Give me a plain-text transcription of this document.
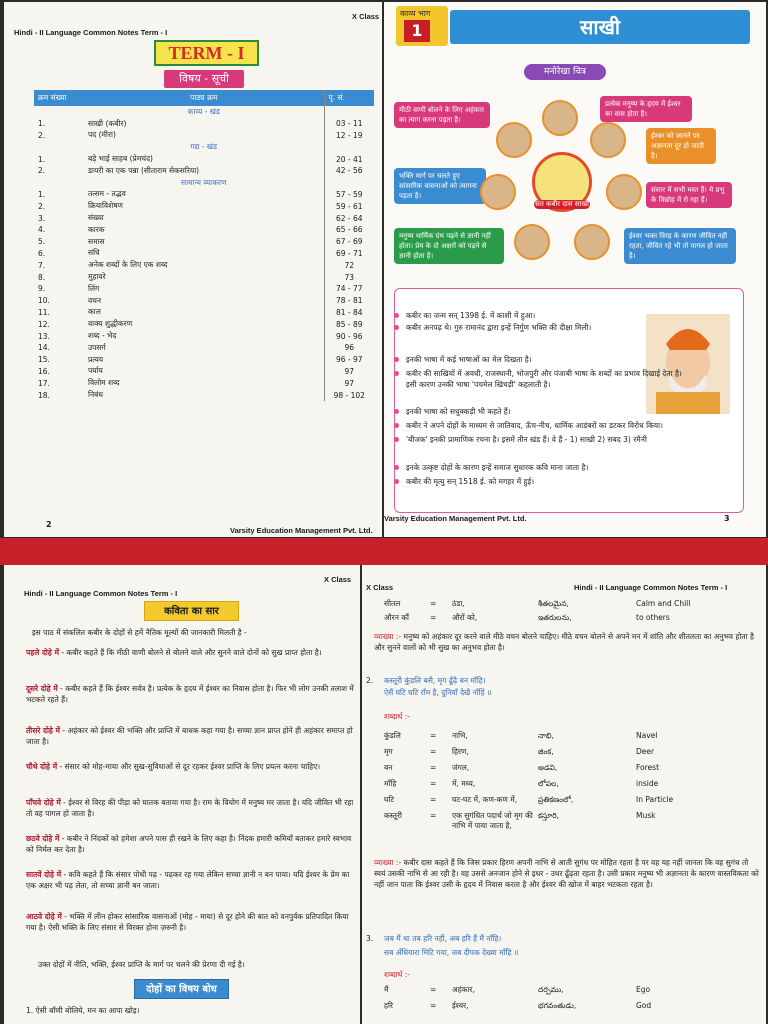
Hindi - II Language Common Notes Term - I
X Class
TERM - I
विषय - सूची
क्रम संख्या	पाठ्य क्रम	पृ. सं.
	काव्य - खंड	
1.	साखी (कबीर)	03 - 11
2.	पद (मीरा)	12 - 19
	गद्य - खंड	
1.	बड़े भाई साहब (प्रेमचंद)	20 - 41
2.	डायरी का एक पन्ना (सीताराम सेकसरिया)	42 - 56
	सामान्य व्याकरण	
1.	तत्सम - तद्भव	57 - 59
2.	क्रियाविशेषण	59 - 61
3.	संख्या	62 - 64
4.	कारक	65 - 66
5.	समास	67 - 69
6.	संधि	69 - 71
7.	अनेक शब्दों के लिए एक शब्द	72
8.	मुहावरे	73
9.	लिंग	74 - 77
10.	वचन	78 - 81
11.	काल	81 - 84
12.	वाक्य शुद्धीकरण	85 - 89
13.	शब्द - भेद	90 - 96
14.	उपसर्ग	96
15.	प्रत्यय	96 - 97
16.	पर्याय	97
17.	विलोम शब्द	97
18.	निबंध	98 - 102
2
Varsity Education Management Pvt. Ltd.
काव्य भाग
1	साखी
मनोरेखा चित्र
मीठी वाणी बोलने के लिए अहंकार का त्याग करना पड़ता है।
प्रत्येक मनुष्य के हृदय में ईश्वर का वास होता है।
ईश्वर को जानने पर अज्ञानता दूर हो जाती है।
भक्ति मार्ग पर चलते हुए सांसारिक वासनाओं को त्यागना पड़ता है।
संसार में सभी मस्त हैं। ये प्रभु के विछोह में रो रहा हैं।
मनुष्य धार्मिक ग्रंथ पढ़ने से ज्ञानी नहीं होता। प्रेम के दो अक्षरों को पढ़ने से ज्ञानी होता है।
ईश्वर भक्त विरह के कारण जीवित नहीं रहता, जीवित रहे भी तो पागल हो जाता है।
संत कबीर दास साखी
कबीर का जन्म सन् 1398 ई. में काशी में हुआ।
कबीर अनपढ़ थे। गुरु रामानंद द्वारा इन्हें निर्गुण भक्ति की दीक्षा मिली।
इनकी भाषा में कई भाषाओं का मेल दिखता है।
कबीर की साखियों में अवधी, राजस्थानी, भोजपुरी और पंजाबी भाषा के शब्दों का प्रभाव दिखाई देता है। इसी कारण उनकी भाषा 'पचमेल खिचड़ी' कहलाती है।
इनकी भाषा को सधुक्कड़ी भी कहते हैं।
कबीर ने अपने दोहों के माध्यम से जातिवाद, ऊँच-नीच, धार्मिक आडंबरों का डटकर विरोध किया।
'बीजक' इनकी प्रामाणिक रचना है। इसमें तीन खंड हैं। वे हैं - 1) साखी 2) सबद 3) रमैनी
इनके उत्कृष्ट दोहों के कारण इन्हें समाज सुधारक कवि माना जाता है।
कबीर की मृत्यु सन् 1518 ई. को मगहर में हुई।
Varsity Education Management Pvt. Ltd.	3
Hindi - II Language Common Notes Term - I
X Class
कविता का सार
इस पाठ में संकलित कबीर के दोहों से हमें नैतिक मूल्यों की जानकारी मिलती है -
पहले दोहे में - कबीर कहते हैं कि मीठी वाणी बोलने से बोलने वाले और सुनने वाले दोनों को सुख प्राप्त होता है।
दूसरे दोहे में - कबीर कहते हैं कि ईश्वर सर्वत्र है। प्रत्येक के हृदय में ईश्वर का निवास होता है। फिर भी लोग उनकी तलाश में भटकते रहते हैं।
तीसरे दोहे में - अहंकार को ईश्वर की भक्ति और प्राप्ति में बाधक कहा गया है। सच्चा ज्ञान प्राप्त होने ही अहंकार समाप्त हो जाता है।
चौथे दोहे में - संसार को मोह-माया और सुख-सुविधाओं से दूर रहकर ईश्वर प्राप्ति के लिए प्रयत्न करना चाहिए।
पाँचवे दोहे में - ईश्वर से विरह की पीड़ा को घातक बताया गया है। राम के वियोग में मनुष्य मर जाता है। यदि जीवित भी रहा तो वह पागल हो जाता है।
छठवे दोहे में - कबीर ने निंदकों को हमेशा अपने पास ही रखने के लिए कहा है। निंदक हमारी कमियाँ बताकर हमारे स्वभाव को निर्मल कर देता है।
सातवें दोहे में - कवि कहते हैं कि संसार पोथी पढ़ - पढ़कर रह गया लेकिन सच्चा ज्ञानी न बन पाया। यदि ईश्वर के प्रेम का एक अक्षर भी पढ़ लेता, तो सच्चा ज्ञानी बन जाता।
आठवे दोहे में - भक्ति में लीन होकर सांसारिक वासनाओं (मोह - माया) से दूर होने की बात को वनपुर्वक प्रतिपादित किया गया है। ऐसी भक्ति के लिए संसार से विरक्त होना ज़रूरी है।
उक्त दोहों में नीति, भक्ति, ईश्वर प्राप्ति के मार्ग पर चलने की प्रेरणा दी गई है।
दोहों का विषय बोध
1. ऐसी बाँणी बोलिये, मन का आपा खोइ।
X Class	Hindi - II Language Common Notes Term - I
सीतल	= ठंडा,	శీతలమైన,	Calm and Chill
औरन कौं	= औरों को,	ఇతరులను,	to others
व्याख्या :- मनुष्य को अहंकार दूर करने वाले मीठे वचन बोलने चाहिए। मीठे वचन बोलने से अपने मन में शांति और शीतलता का अनुभव होता है और सुनने वालों को भी सुख का अनुभव होता है।
2. कस्तूरी कुंडलि बसै, मृग ढूँढ़ै बन माँहि।
ऐसैं घटि घटि राँम है, दुनियाँ देखै नाँहिं ॥
शब्दार्थ :-
कुंडलि	= नाभि,	నాభి,	Navel
मृग	= हिरण,	జింక,	Deer
बन	= जंगल,	అడవి,	Forest
माँहि	= में, मध्य,	లోపల,	inside
घटि	= घट-घट में, कण-कण में,	ప్రతికణంలో,	In Particle
कस्तूरी	= एक सुगंधित पदार्थ जो मृग की नाभि में पाया जाता है,
కస్తూరి,	Musk
व्याख्या :- कबीर दास कहते हैं कि जिस प्रकार हिरण अपनी नाभि से आती सुगंध पर मोहित रहता है पर वह यह नहीं जानता कि वह सुगंध तो स्वयं उसकी नाभि से आ रही है। वह उससे अनजान होने से इधर - उधर ढूँढ़ता रहता है। उसी प्रकार मनुष्य भी अज्ञानता के कारण वास्तविकता को नहीं जान पाता कि ईश्वर उसी के हृदय में निवास करता है और ईश्वर की खोज में बाहर भटकता रहता है।
3. जब मैं था तब हरि नहीं, अब हरि हैं मैं नाँहि।
सब अँधियारा मिटि गया, जब दीपक देख्या माँहि ॥
शब्दार्थ :-
मैं	= अहंकार,	దర్పము,	Ego
हरि	= ईश्वर,	భగవంతుడు,	God
